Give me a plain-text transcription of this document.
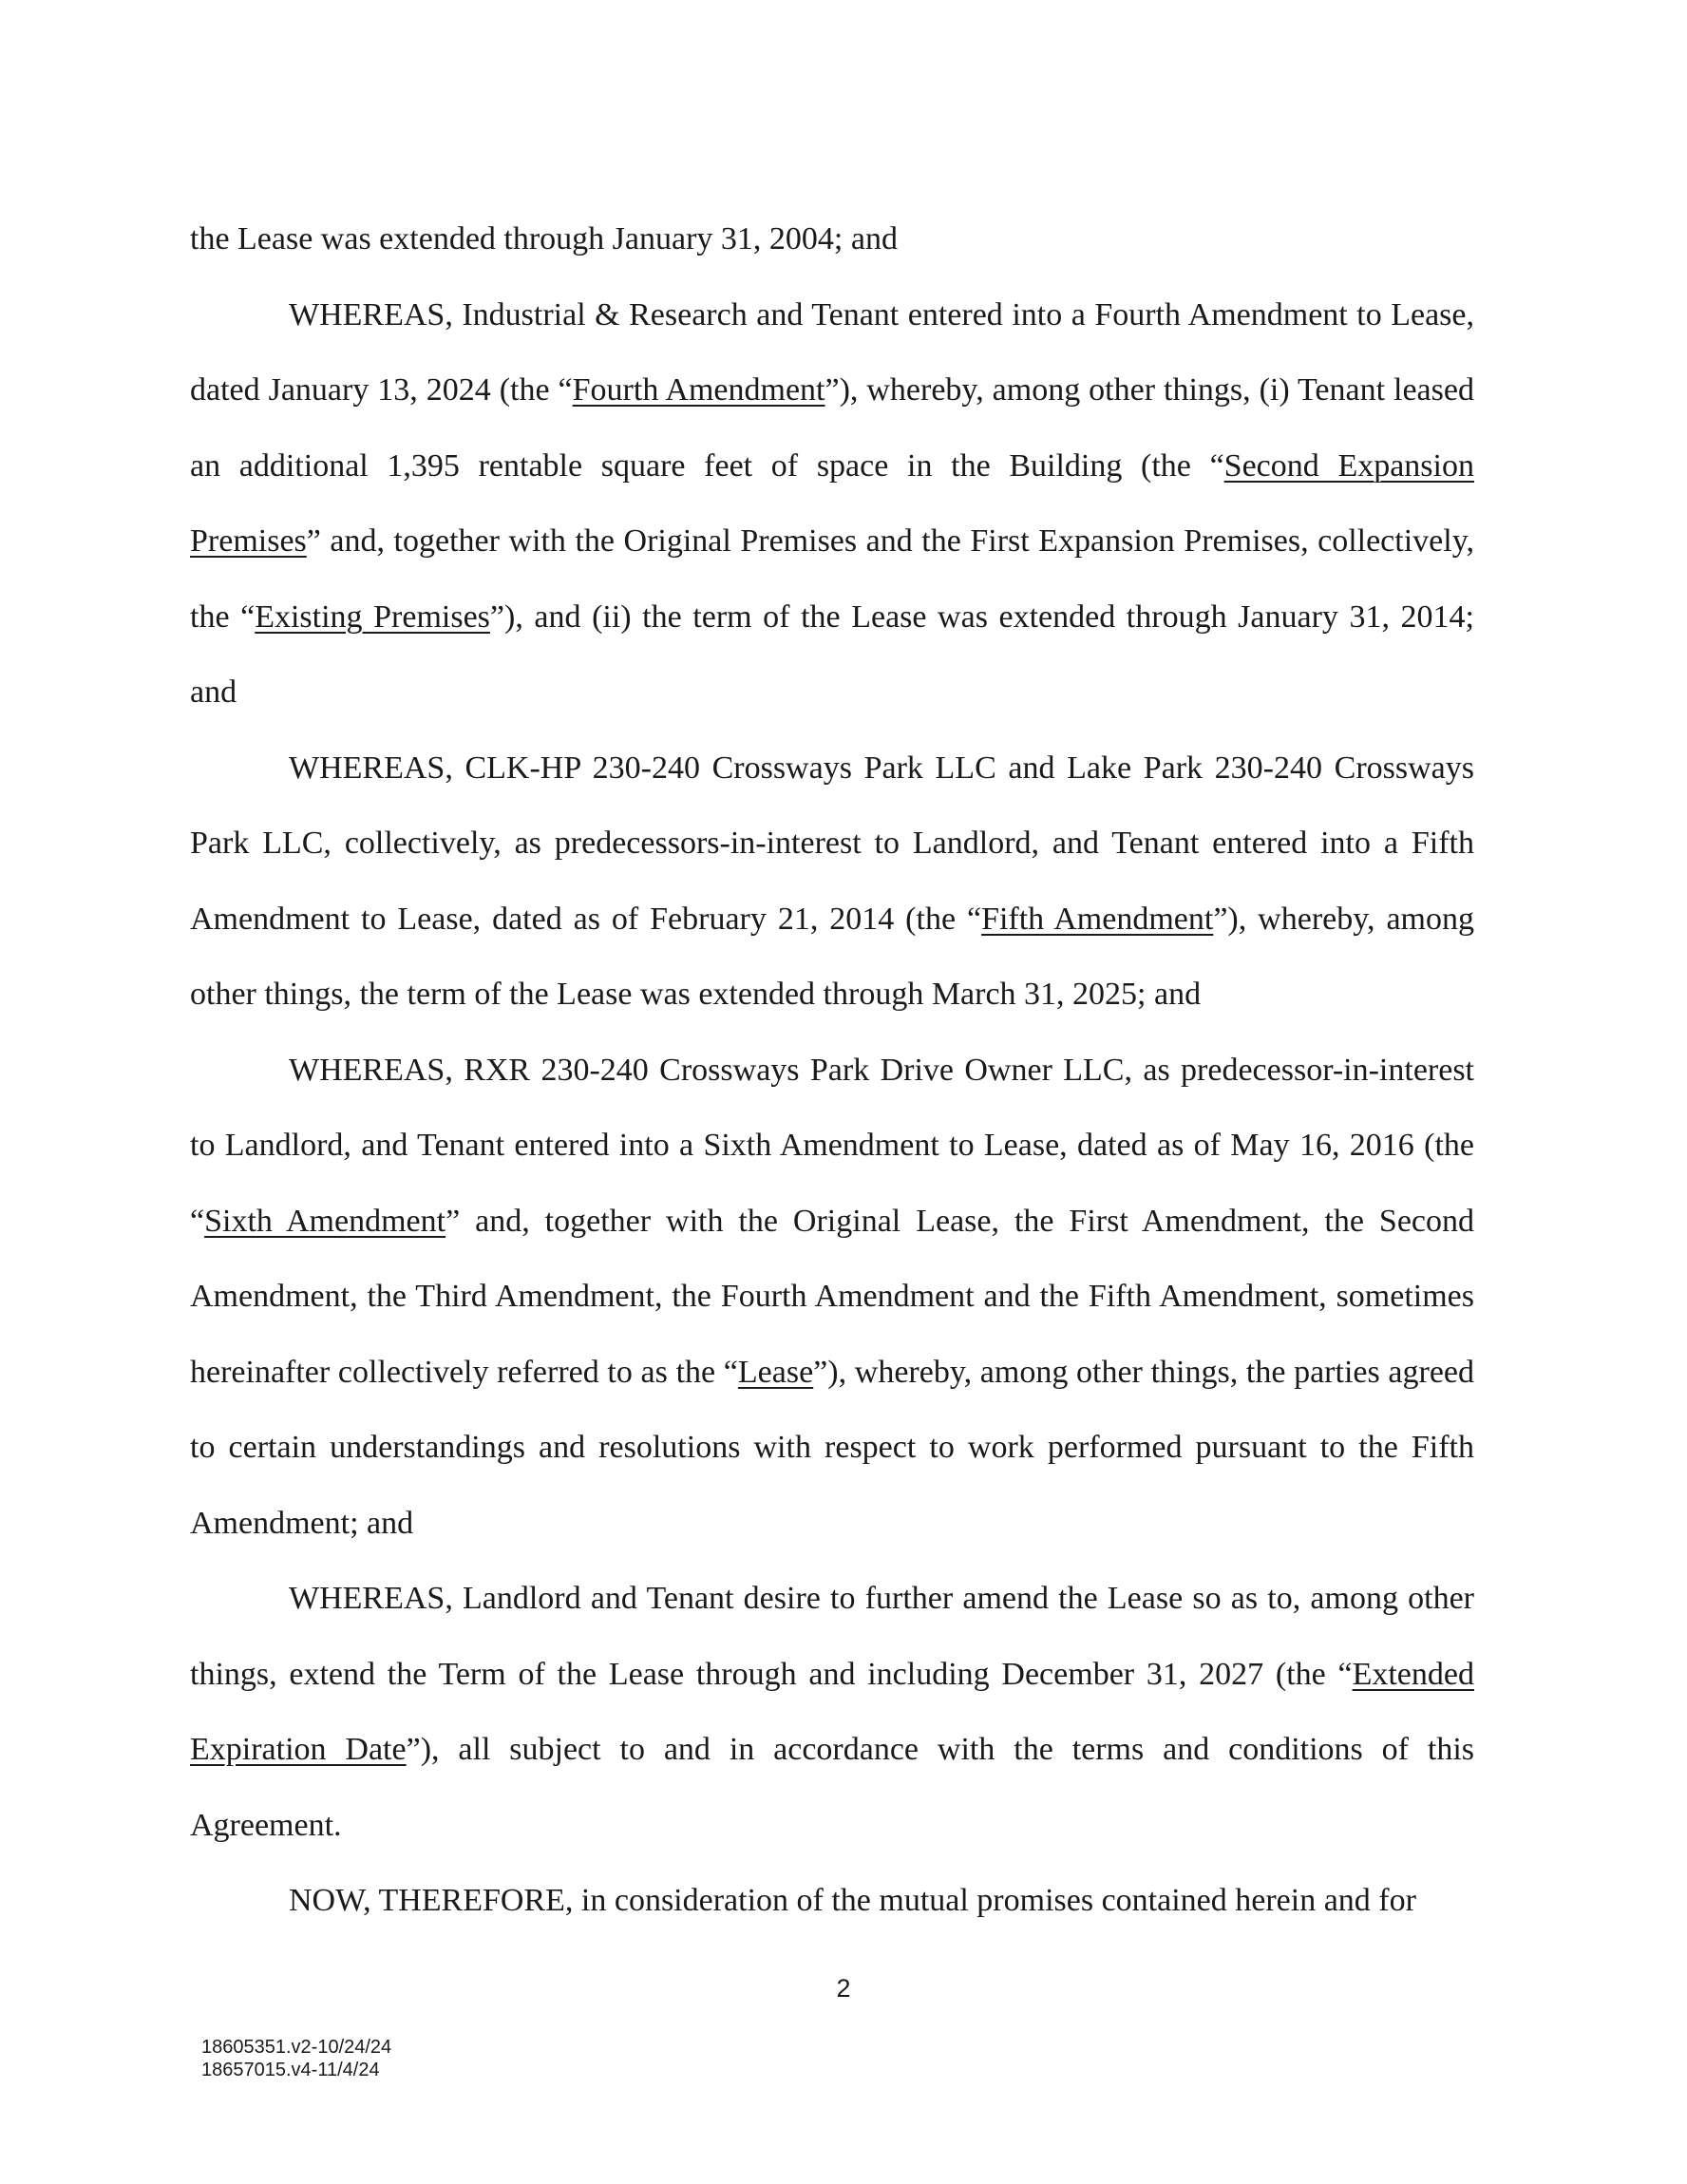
the Lease was extended through January 31, 2004; and

WHEREAS, Industrial & Research and Tenant entered into a Fourth Amendment to Lease, dated January 13, 2024 (the “Fourth Amendment”), whereby, among other things, (i) Tenant leased an additional 1,395 rentable square feet of space in the Building (the “Second Expansion Premises” and, together with the Original Premises and the First Expansion Premises, collectively, the “Existing Premises”), and (ii) the term of the Lease was extended through January 31, 2014; and

WHEREAS, CLK-HP 230-240 Crossways Park LLC and Lake Park 230-240 Crossways Park LLC, collectively, as predecessors-in-interest to Landlord, and Tenant entered into a Fifth Amendment to Lease, dated as of February 21, 2014 (the “Fifth Amendment”), whereby, among other things, the term of the Lease was extended through March 31, 2025; and

WHEREAS, RXR 230-240 Crossways Park Drive Owner LLC, as predecessor-in-interest to Landlord, and Tenant entered into a Sixth Amendment to Lease, dated as of May 16, 2016 (the “Sixth Amendment” and, together with the Original Lease, the First Amendment, the Second Amendment, the Third Amendment, the Fourth Amendment and the Fifth Amendment, sometimes hereinafter collectively referred to as the “Lease”), whereby, among other things, the parties agreed to certain understandings and resolutions with respect to work performed pursuant to the Fifth Amendment; and

WHEREAS, Landlord and Tenant desire to further amend the Lease so as to, among other things, extend the Term of the Lease through and including December 31, 2027 (the “Extended Expiration Date”), all subject to and in accordance with the terms and conditions of this Agreement.

NOW, THEREFORE, in consideration of the mutual promises contained herein and for

2
18605351.v2-10/24/24
18657015.v4-11/4/24
